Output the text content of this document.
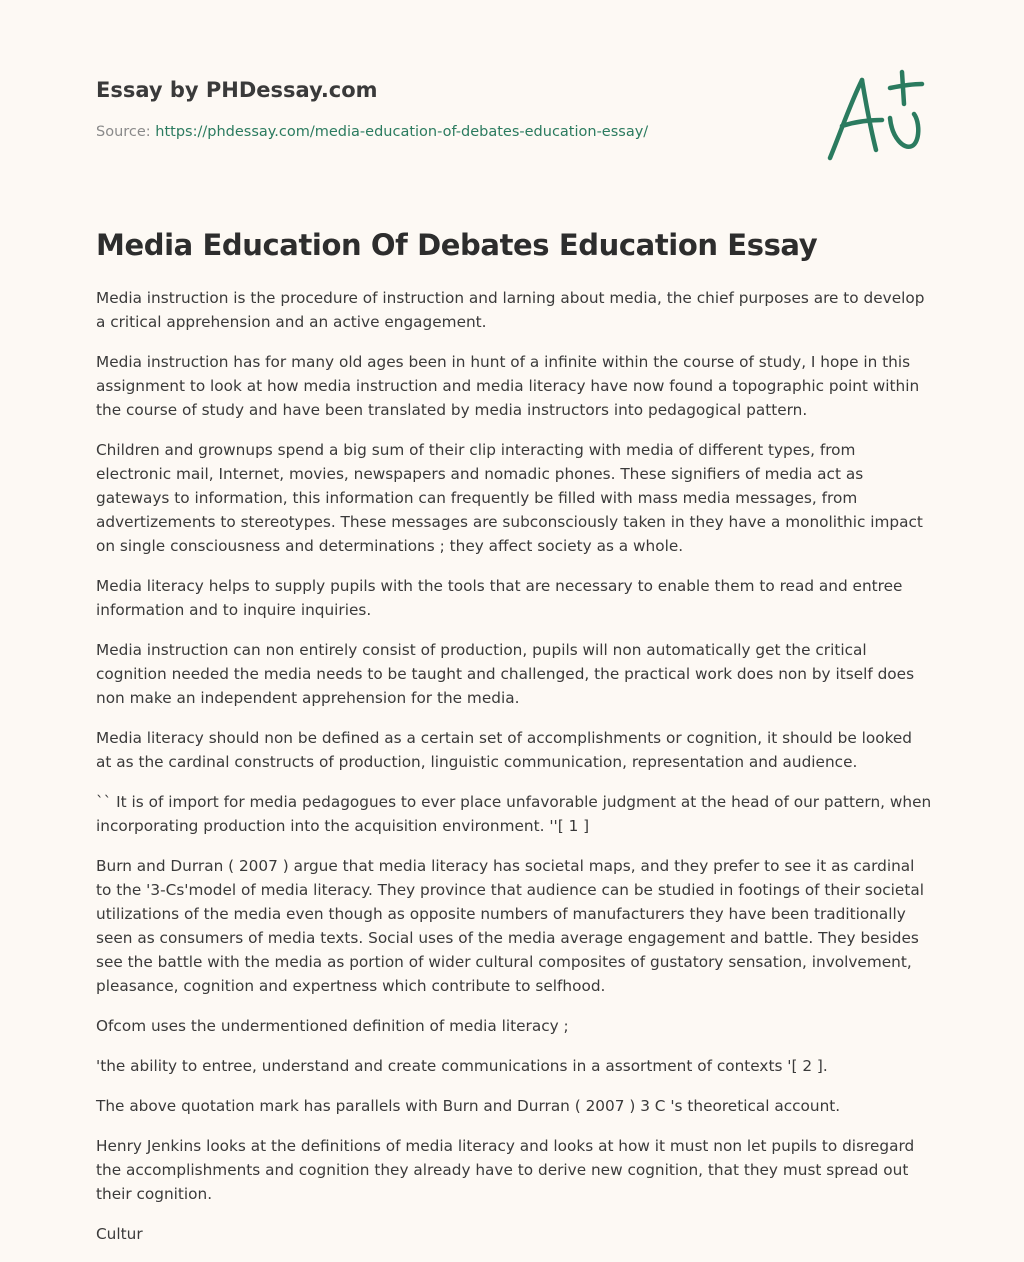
Essay by PHDessay.com
Source: https://phdessay.com/media-education-of-debates-education-essay/
Media Education Of Debates Education Essay

Media instruction is the procedure of instruction and larning about media, the chief purposes are to develop a critical apprehension and an active engagement.

Media instruction has for many old ages been in hunt of a infinite within the course of study, I hope in this assignment to look at how media instruction and media literacy have now found a topographic point within the course of study and have been translated by media instructors into pedagogical pattern.

Children and grownups spend a big sum of their clip interacting with media of different types, from electronic mail, Internet, movies, newspapers and nomadic phones. These signifiers of media act as gateways to information, this information can frequently be filled with mass media messages, from advertizements to stereotypes. These messages are subconsciously taken in they have a monolithic impact on single consciousness and determinations ; they affect society as a whole.

Media literacy helps to supply pupils with the tools that are necessary to enable them to read and entree information and to inquire inquiries.

Media instruction can non entirely consist of production, pupils will non automatically get the critical cognition needed the media needs to be taught and challenged, the practical work does non by itself does non make an independent apprehension for the media.

Media literacy should non be defined as a certain set of accomplishments or cognition, it should be looked at as the cardinal constructs of production, linguistic communication, representation and audience.

`` It is of import for media pedagogues to ever place unfavorable judgment at the head of our pattern, when incorporating production into the acquisition environment. ''[ 1 ]

Burn and Durran ( 2007 ) argue that media literacy has societal maps, and they prefer to see it as cardinal to the '3-Cs'model of media literacy. They province that audience can be studied in footings of their societal utilizations of the media even though as opposite numbers of manufacturers they have been traditionally seen as consumers of media texts. Social uses of the media average engagement and battle. They besides see the battle with the media as portion of wider cultural composites of gustatory sensation, involvement, pleasance, cognition and expertness which contribute to selfhood.

Ofcom uses the undermentioned definition of media literacy ;

'the ability to entree, understand and create communications in a assortment of contexts '[ 2 ].

The above quotation mark has parallels with Burn and Durran ( 2007 ) 3 C 's theoretical account.

Henry Jenkins looks at the definitions of media literacy and looks at how it must non let pupils to disregard the accomplishments and cognition they already have to derive new cognition, that they must spread out their cognition.

Cultur
